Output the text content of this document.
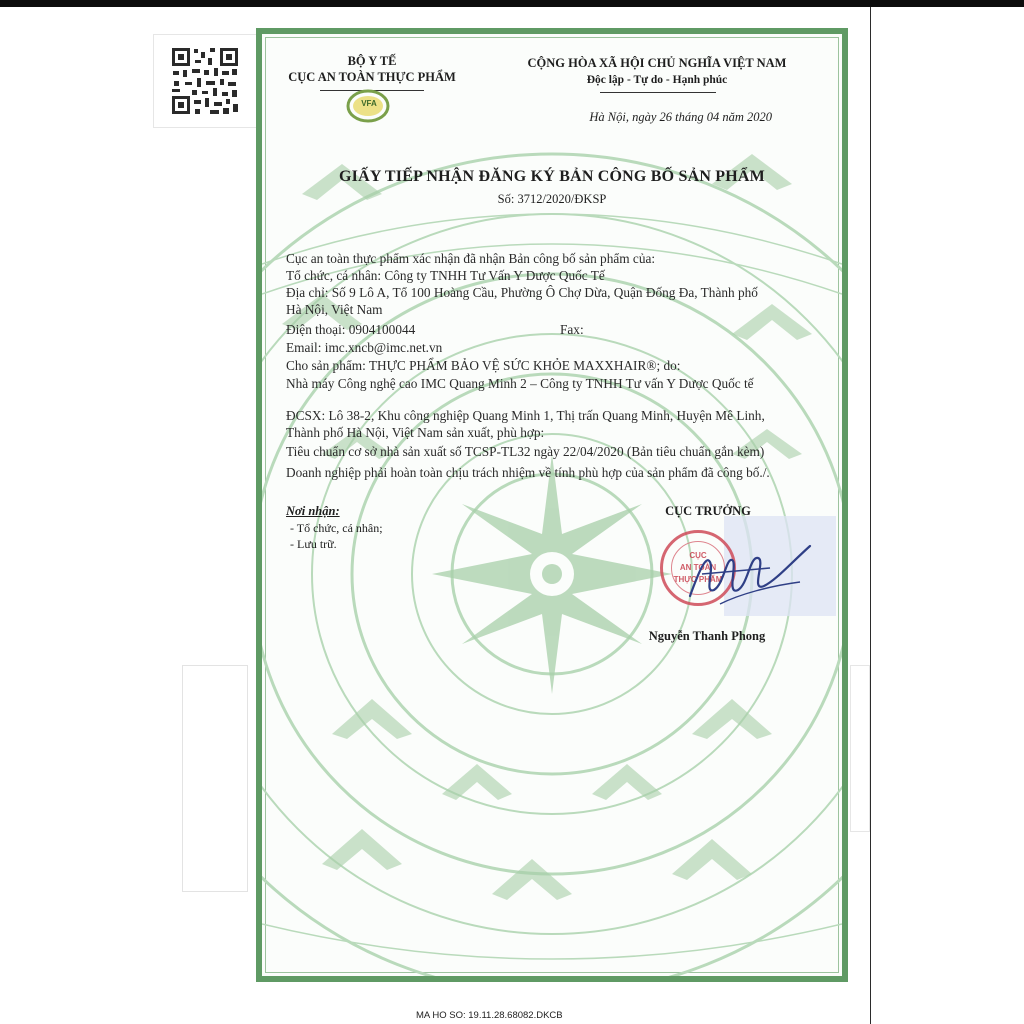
BỘ Y TẾ
CỤC AN TOÀN THỰC PHẨM
VFA
CỘNG HÒA XÃ HỘI CHỦ NGHĨA VIỆT NAM
Độc lập - Tự do - Hạnh phúc
Hà Nội, ngày 26 tháng 04 năm 2020
GIẤY TIẾP NHẬN ĐĂNG KÝ BẢN CÔNG BỐ SẢN PHẨM
Số: 3712/2020/ĐKSP
Cục an toàn thực phẩm xác nhận đã nhận Bản công bố sản phẩm của:
Tổ chức, cá nhân: Công ty TNHH Tư Vấn Y Dược Quốc Tế
Địa chỉ: Số 9 Lô A, Tổ 100 Hoàng Cầu, Phường Ô Chợ Dừa, Quận Đống Đa, Thành phố
Hà Nội, Việt Nam
Điện thoại: 0904100044	Fax:
Email: imc.xncb@imc.net.vn
Cho sản phẩm: THỰC PHẨM BẢO VỆ SỨC KHỎE MAXXHAIR®; do:
Nhà máy Công nghệ cao IMC Quang Minh 2 – Công ty TNHH Tư vấn Y Dược Quốc tế
ĐCSX: Lô 38-2, Khu công nghiệp Quang Minh 1, Thị trấn Quang Minh, Huyện Mê Linh,
Thành phố Hà Nội, Việt Nam sản xuất, phù hợp:
Tiêu chuẩn cơ sở nhà sản xuất số TCSP-TL32 ngày 22/04/2020 (Bản tiêu chuẩn gắn kèm)
Doanh nghiệp phải hoàn toàn chịu trách nhiệm về tính phù hợp của sản phẩm đã công bố./.
Nơi nhận:
- Tổ chức, cá nhân;
- Lưu trữ.
CỤC TRƯỞNG
CỤC
AN TOÀN
THỰC PHẨM
Nguyễn Thanh Phong
MA HO SO: 19.11.28.68082.DKCB
